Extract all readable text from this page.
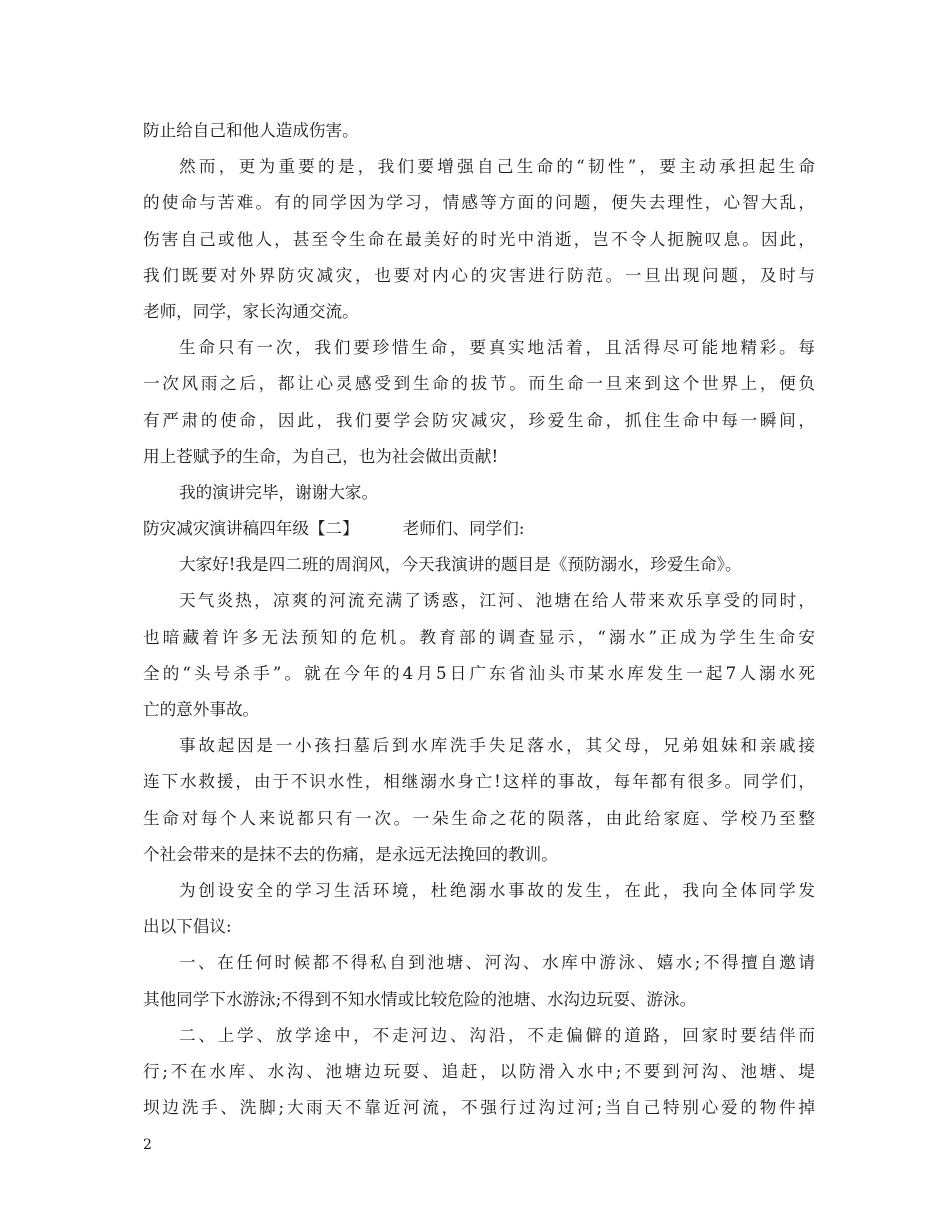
防止给自己和他人造成伤害。
然而，更为重要的是，我们要增强自己生命的“韧性”，要主动承担起生命
的使命与苦难。有的同学因为学习，情感等方面的问题，便失去理性，心智大乱，
伤害自己或他人，甚至令生命在最美好的时光中消逝，岂不令人扼腕叹息。因此，
我们既要对外界防灾减灾，也要对内心的灾害进行防范。一旦出现问题，及时与
老师，同学，家长沟通交流。
生命只有一次，我们要珍惜生命，要真实地活着，且活得尽可能地精彩。每
一次风雨之后，都让心灵感受到生命的拔节。而生命一旦来到这个世界上，便负
有严肃的使命，因此，我们要学会防灾减灾，珍爱生命，抓住生命中每一瞬间，
用上苍赋予的生命，为自己，也为社会做出贡献!
我的演讲完毕，谢谢大家。
防灾减灾演讲稿四年级【二】	老师们、同学们:
大家好!我是四二班的周润风，今天我演讲的题目是《预防溺水，珍爱生命》。
天气炎热，凉爽的河流充满了诱惑，江河、池塘在给人带来欢乐享受的同时，
也暗藏着许多无法预知的危机。教育部的调查显示，“溺水”正成为学生生命安
全的“头号杀手”。就在今年的4月5日广东省汕头市某水库发生一起7人溺水死
亡的意外事故。
事故起因是一小孩扫墓后到水库洗手失足落水，其父母，兄弟姐妹和亲戚接
连下水救援，由于不识水性，相继溺水身亡!这样的事故，每年都有很多。同学们，
生命对每个人来说都只有一次。一朵生命之花的陨落，由此给家庭、学校乃至整
个社会带来的是抹不去的伤痛，是永远无法挽回的教训。
为创设安全的学习生活环境，杜绝溺水事故的发生，在此，我向全体同学发
出以下倡议:
一、在任何时候都不得私自到池塘、河沟、水库中游泳、嬉水;不得擅自邀请
其他同学下水游泳;不得到不知水情或比较危险的池塘、水沟边玩耍、游泳。
二、上学、放学途中，不走河边、沟沿，不走偏僻的道路，回家时要结伴而
行;不在水库、水沟、池塘边玩耍、追赶，以防滑入水中;不要到河沟、池塘、堤
坝边洗手、洗脚;大雨天不靠近河流，不强行过沟过河;当自己特别心爱的物件掉
2
